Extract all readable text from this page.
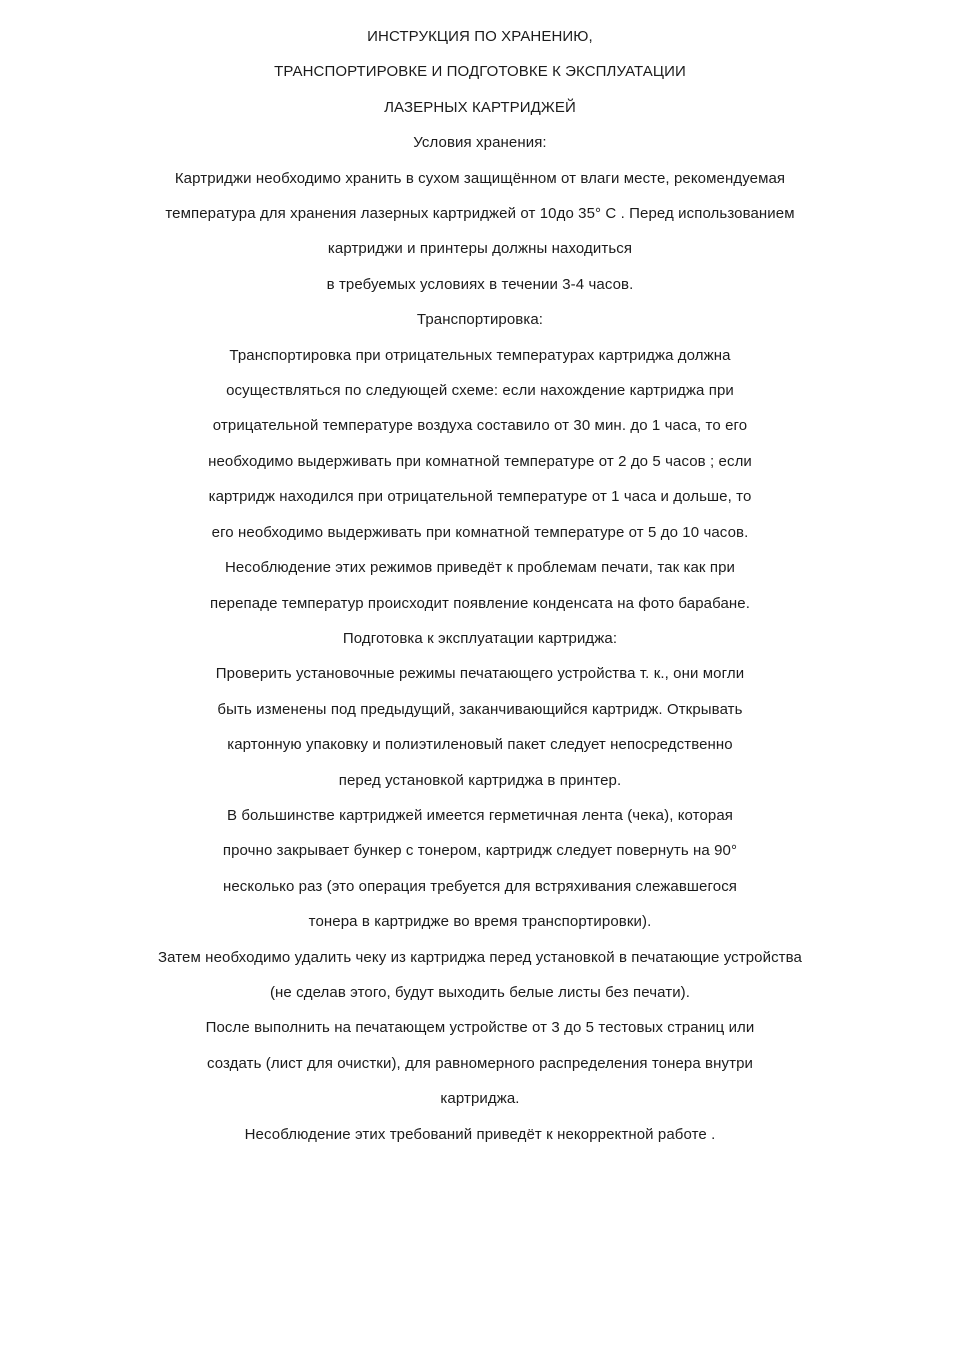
ИНСТРУКЦИЯ ПО ХРАНЕНИЮ,

ТРАНСПОРТИРОВКЕ И ПОДГОТОВКЕ К ЭКСПЛУАТАЦИИ

ЛАЗЕРНЫХ КАРТРИДЖЕЙ

Условия хранения:

Картриджи необходимо хранить в сухом защищённом от влаги месте, рекомендуемая

температура для хранения лазерных картриджей от 10до 35° С . Перед использованием

картриджи и принтеры должны находиться

в требуемых условиях в течении 3-4 часов.

Транспортировка:

Транспортировка при отрицательных температурах картриджа должна

осуществляться по следующей схеме: если нахождение картриджа при

отрицательной температуре воздуха составило от 30 мин. до 1 часа, то его

необходимо выдерживать при комнатной температуре от 2 до 5 часов ; если

картридж находился при отрицательной температуре от 1 часа и дольше, то

его необходимо выдерживать при комнатной температуре от 5 до 10 часов.

Несоблюдение этих режимов приведёт к проблемам печати, так как при

перепаде температур происходит появление конденсата на фото барабане.

Подготовка к эксплуатации картриджа:

Проверить установочные режимы печатающего устройства т. к., они могли

быть изменены под предыдущий, заканчивающийся картридж. Открывать

картонную упаковку и полиэтиленовый пакет следует непосредственно

перед установкой картриджа в принтер.

В большинстве картриджей имеется герметичная лента (чека), которая

прочно закрывает бункер с тонером, картридж следует повернуть на 90°

несколько раз (это операция требуется для встряхивания слежавшегося

тонера в картридже во время транспортировки).

Затем необходимо удалить чеку из картриджа перед установкой в печатающие устройства

(не сделав этого, будут выходить белые листы без печати).

После выполнить на печатающем устройстве от 3 до 5 тестовых страниц или

создать (лист для очистки), для равномерного распределения тонера внутри

картриджа.

Несоблюдение этих требований приведёт к некорректной работе .
